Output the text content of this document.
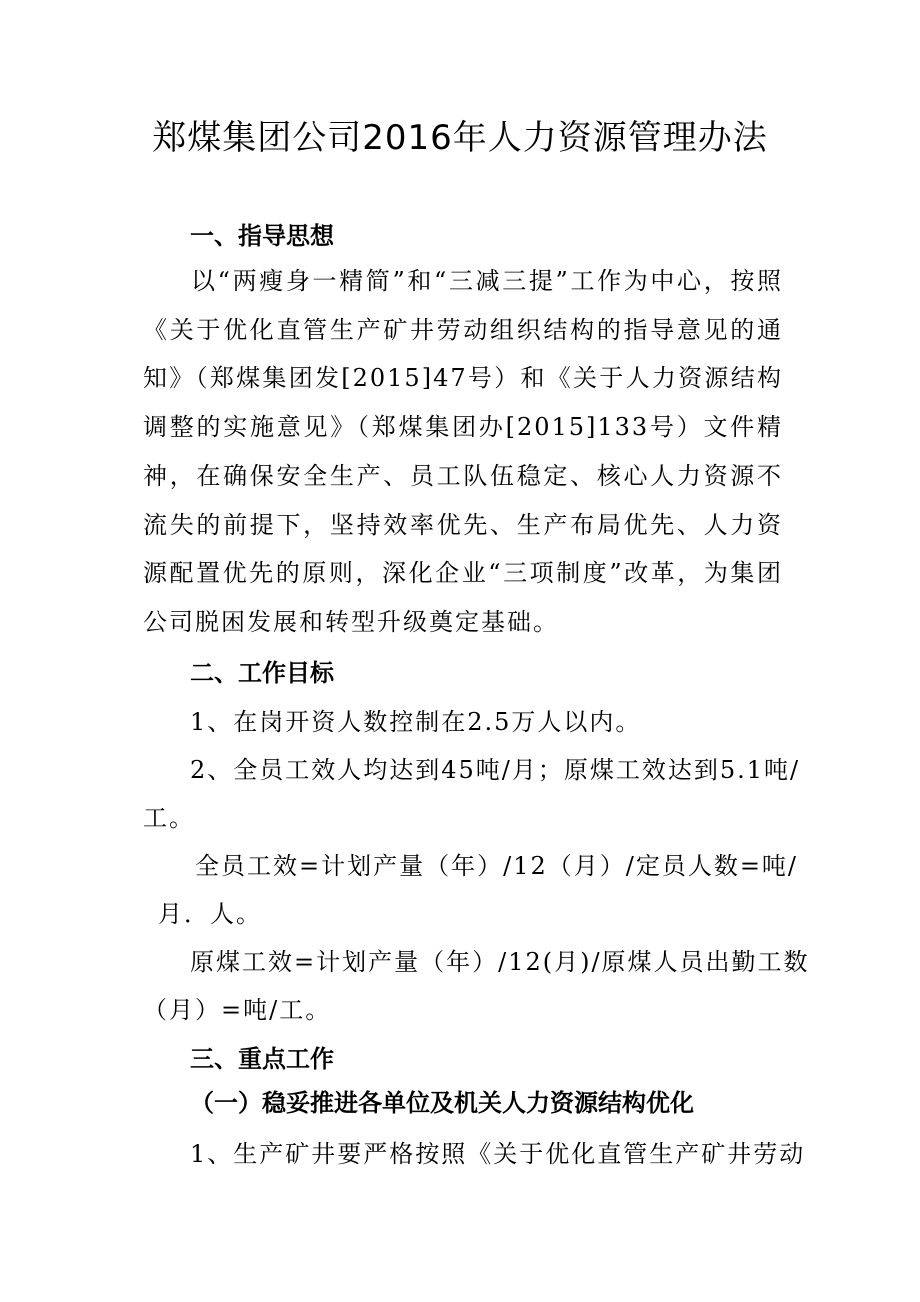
郑煤集团公司2016年人力资源管理办法
一、指导思想
以“两瘦身一精简”和“三减三提”工作为中心，按照《关于优化直管生产矿井劳动组织结构的指导意见的通知》（郑煤集团发[2015]47号）和《关于人力资源结构调整的实施意见》（郑煤集团办[2015]133号）文件精神，在确保安全生产、员工队伍稳定、核心人力资源不流失的前提下，坚持效率优先、生产布局优先、人力资源配置优先的原则，深化企业“三项制度”改革，为集团公司脱困发展和转型升级奠定基础。
二、工作目标
1、在岗开资人数控制在2.5万人以内。
2、全员工效人均达到45吨/月；原煤工效达到5.1吨/
工。
全员工效=计划产量（年）/12（月）/定员人数=吨/
月．人。
原煤工效=计划产量（年）/12(月)/原煤人员出勤工数
（月）=吨/工。
三、重点工作
（一）稳妥推进各单位及机关人力资源结构优化
1、生产矿井要严格按照《关于优化直管生产矿井劳动
